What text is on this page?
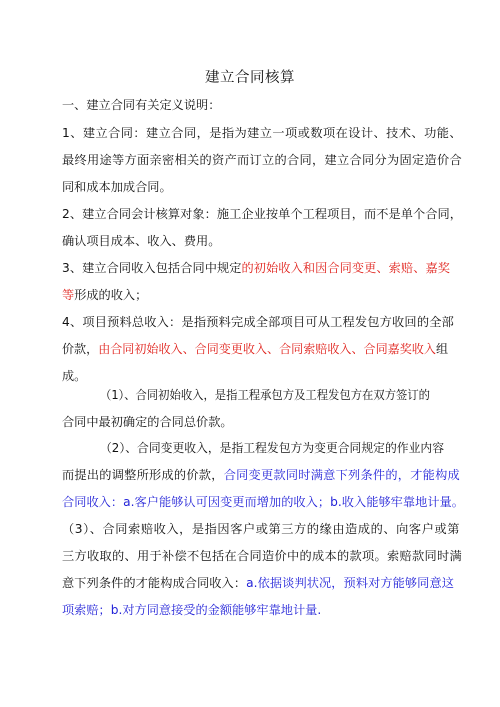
建立合同核算
一、建立合同有关定义说明：
1、建立合同：建立合同，是指为建立一项或数项在设计、技术、功能、
最终用途等方面亲密相关的资产而订立的合同，建立合同分为固定造价合
同和成本加成合同。
2、建立合同会计核算对象：施工企业按单个工程项目，而不是单个合同，
确认项目成本、收入、费用。
3、建立合同收入包括合同中规定的初始收入和因合同变更、索赔、嘉奖
等形成的收入；
4、项目预料总收入：是指预料完成全部项目可从工程发包方收回的全部
价款，由合同初始收入、合同变更收入、合同索赔收入、合同嘉奖收入组
成。
（1）、合同初始收入，是指工程承包方及工程发包方在双方签订的
合同中最初确定的合同总价款。
（2）、合同变更收入，是指工程发包方为变更合同规定的作业内容
而提出的调整所形成的价款，合同变更款同时满意下列条件的，才能构成
合同收入：a.客户能够认可因变更而增加的收入；b.收入能够牢靠地计量。
（3）、合同索赔收入，是指因客户或第三方的缘由造成的、向客户或第
三方收取的、用于补偿不包括在合同造价中的成本的款项。索赔款同时满
意下列条件的才能构成合同收入：a.依据谈判状况，预料对方能够同意这
项索赔；b.对方同意接受的金额能够牢靠地计量.
